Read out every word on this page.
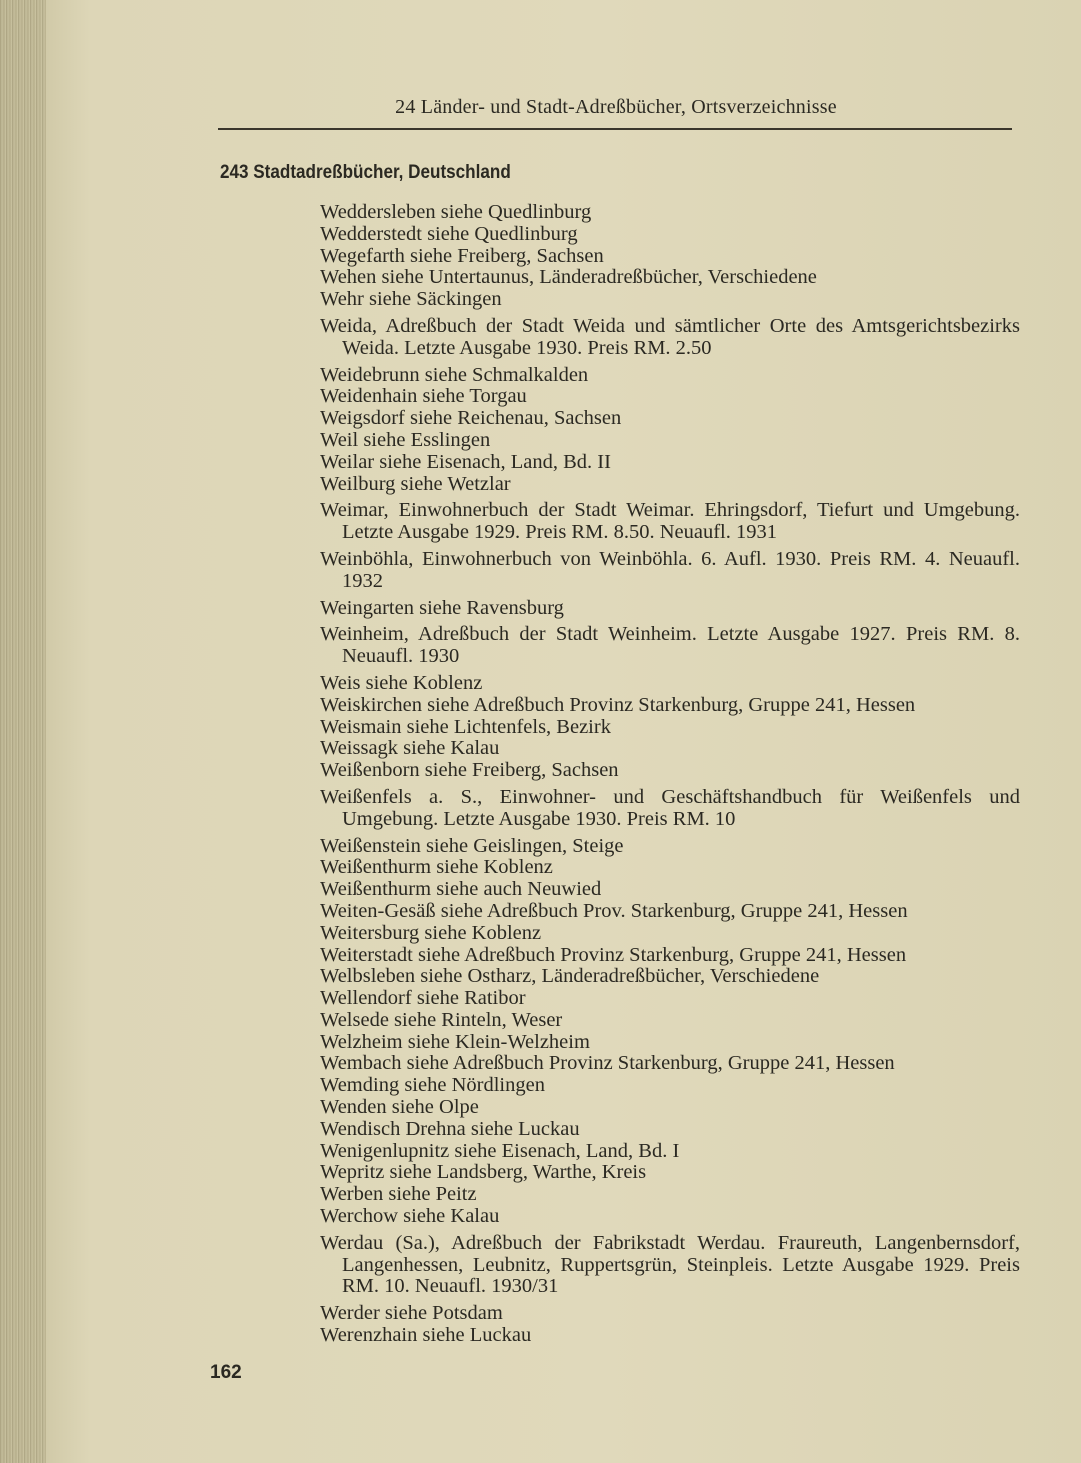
24 Länder- und Stadt-Adreßbücher, Ortsverzeichnisse
243 Stadtadreßbücher, Deutschland
Weddersleben siehe Quedlinburg
Wedderstedt siehe Quedlinburg
Wegefarth siehe Freiberg, Sachsen
Wehen siehe Untertaunus, Länderadreßbücher, Verschiedene
Wehr siehe Säckingen
Weida, Adreßbuch der Stadt Weida und sämtlicher Orte des Amtsgerichtsbezirks Weida. Letzte Ausgabe 1930. Preis RM. 2.50
Weidebrunn siehe Schmalkalden
Weidenhain siehe Torgau
Weigsdorf siehe Reichenau, Sachsen
Weil siehe Esslingen
Weilar siehe Eisenach, Land, Bd. II
Weilburg siehe Wetzlar
Weimar, Einwohnerbuch der Stadt Weimar. Ehringsdorf, Tiefurt und Umgebung. Letzte Ausgabe 1929. Preis RM. 8.50. Neuaufl. 1931
Weinböhla, Einwohnerbuch von Weinböhla. 6. Aufl. 1930. Preis RM. 4. Neuaufl. 1932
Weingarten siehe Ravensburg
Weinheim, Adreßbuch der Stadt Weinheim. Letzte Ausgabe 1927. Preis RM. 8. Neuaufl. 1930
Weis siehe Koblenz
Weiskirchen siehe Adreßbuch Provinz Starkenburg, Gruppe 241, Hessen
Weismain siehe Lichtenfels, Bezirk
Weissagk siehe Kalau
Weißenborn siehe Freiberg, Sachsen
Weißenfels a. S., Einwohner- und Geschäftshandbuch für Weißenfels und Umgebung. Letzte Ausgabe 1930. Preis RM. 10
Weißenstein siehe Geislingen, Steige
Weißenthurm siehe Koblenz
Weißenthurm siehe auch Neuwied
Weiten-Gesäß siehe Adreßbuch Prov. Starkenburg, Gruppe 241, Hessen
Weitersburg siehe Koblenz
Weiterstadt siehe Adreßbuch Provinz Starkenburg, Gruppe 241, Hessen
Welbsleben siehe Ostharz, Länderadreßbücher, Verschiedene
Wellendorf siehe Ratibor
Welsede siehe Rinteln, Weser
Welzheim siehe Klein-Welzheim
Wembach siehe Adreßbuch Provinz Starkenburg, Gruppe 241, Hessen
Wemding siehe Nördlingen
Wenden siehe Olpe
Wendisch Drehna siehe Luckau
Wenigenlupnitz siehe Eisenach, Land, Bd. I
Wepritz siehe Landsberg, Warthe, Kreis
Werben siehe Peitz
Werchow siehe Kalau
Werdau (Sa.), Adreßbuch der Fabrikstadt Werdau. Fraureuth, Langenbernsdorf, Langenhessen, Leubnitz, Ruppertsgrün, Steinpleis. Letzte Ausgabe 1929. Preis RM. 10. Neuaufl. 1930/31
Werder siehe Potsdam
Werenzhain siehe Luckau
162
